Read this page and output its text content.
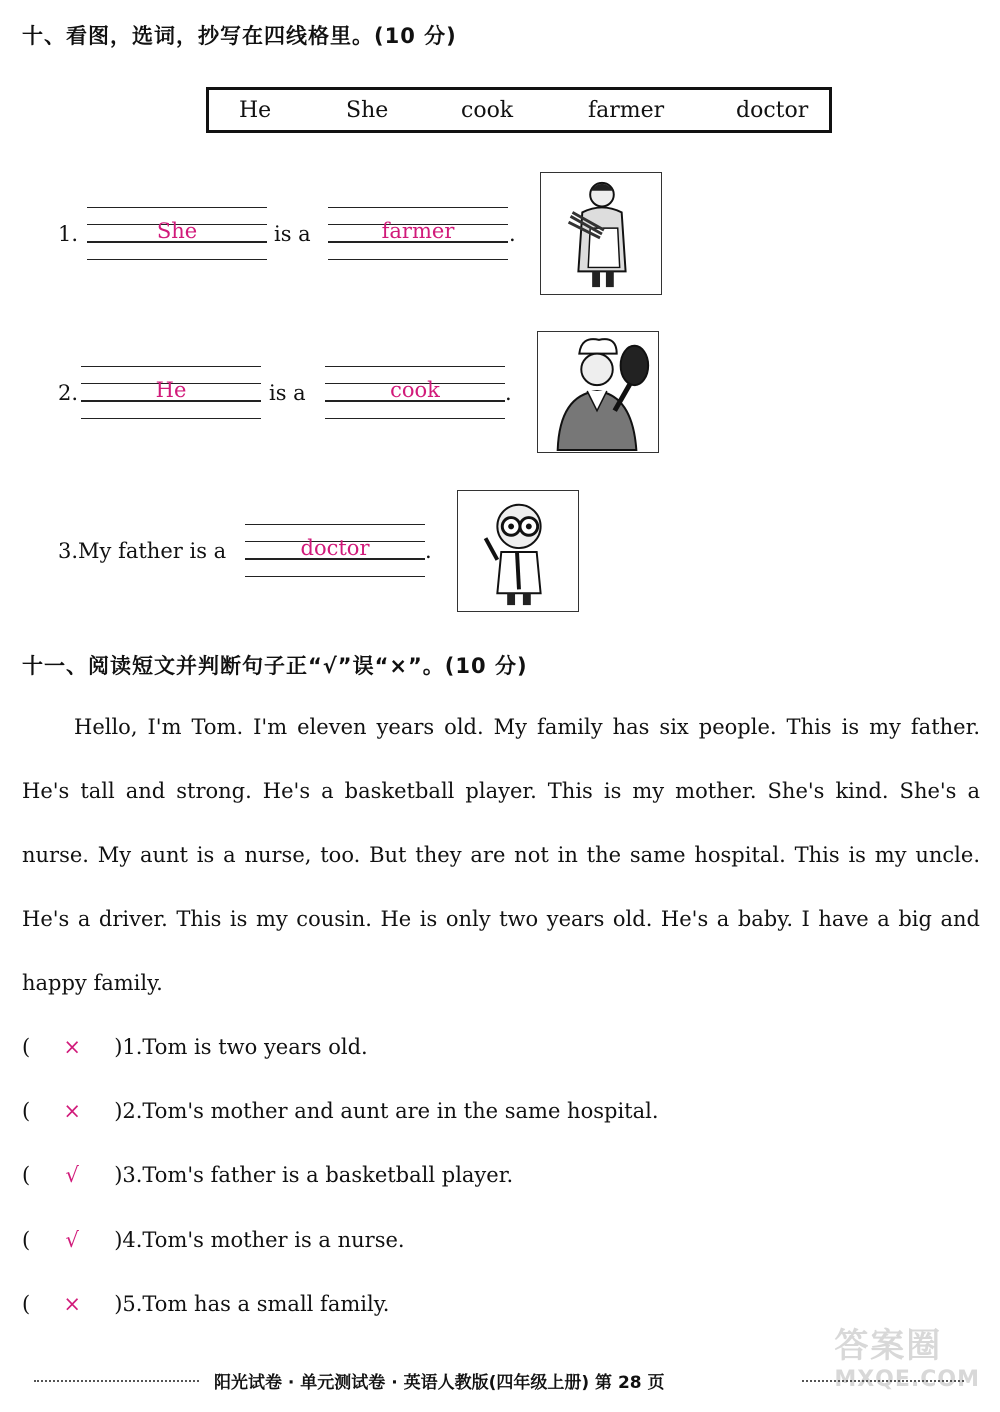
十、看图，选词，抄写在四线格里。(10 分)
He	She	cook	farmer	doctor
1.	She	is a	farmer	.
2.	He	is a	cook	.
3.My father is a	doctor	.
十一、阅读短文并判断句子正“√”误“×”。(10 分)

Hello, I'm Tom. I'm eleven years old. My family has six people. This is my father. He's tall and strong. He's a basketball player. This is my mother. She's kind. She's a nurse. My aunt is a nurse, too. But they are not in the same hospital. This is my uncle. He's a driver. This is my cousin. He is only two years old. He's a baby. I have a big and happy family.

( × )1.Tom is two years old.
( × )2.Tom's mother and aunt are in the same hospital.
( √ )3.Tom's father is a basketball player.
( √ )4.Tom's mother is a nurse.
( × )5.Tom has a small family.
答案圈
MXQE.COM
阳光试卷 · 单元测试卷 · 英语人教版(四年级上册) 第 28 页
